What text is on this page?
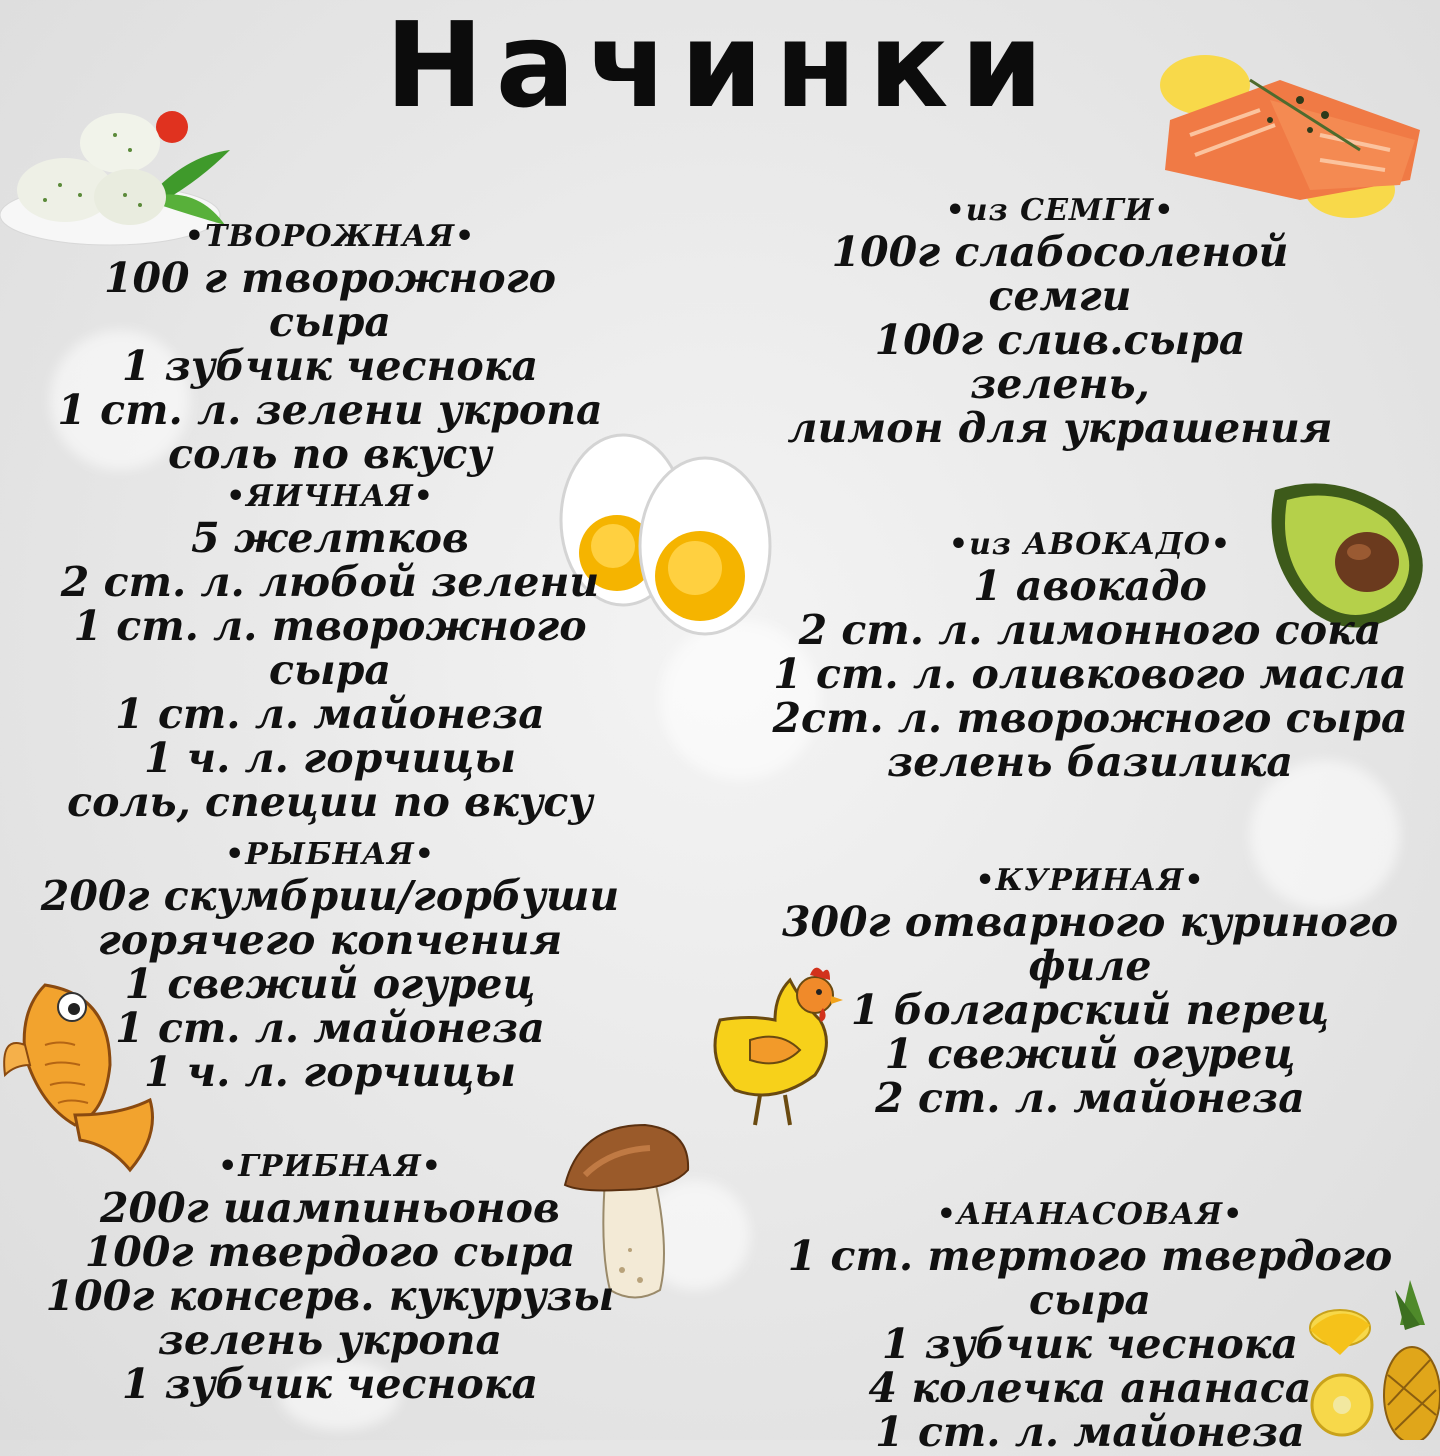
Начинки
•ТВОРОЖНАЯ•
100 г творожного сыра
1 зубчик чеснока
1 ст. л. зелени укропа
соль по вкусу
•ЯИЧНАЯ•
5 желтков
2 ст. л. любой зелени
1 ст. л. творожного сыра
1 ст. л. майонеза
1 ч. л. горчицы
соль, специи по вкусу
•РЫБНАЯ•
200г скумбрии/горбуши
горячего копчения
1 свежий огурец
1 ст. л. майонеза
1 ч. л. горчицы
•ГРИБНАЯ•
200г шампиньонов
100г твердого сыра
100г консерв. кукурузы
зелень укропа
1 зубчик чеснока
•из СЕМГИ•
100г слабосоленой
семги
100г слив.сыра
зелень,
лимон для украшения
•из АВОКАДО•
1 авокадо
2 ст. л. лимонного сока
1 ст. л. оливкового масла
2ст. л. творожного сыра
зелень базилика
•КУРИНАЯ•
300г отварного куриного
филе
1 болгарский перец
1 свежий огурец
2 ст. л. майонеза
•АНАНАСОВАЯ•
1 ст. тертого твердого сыра
1 зубчик чеснока
4 колечка ананаса
1 ст. л. майонеза
